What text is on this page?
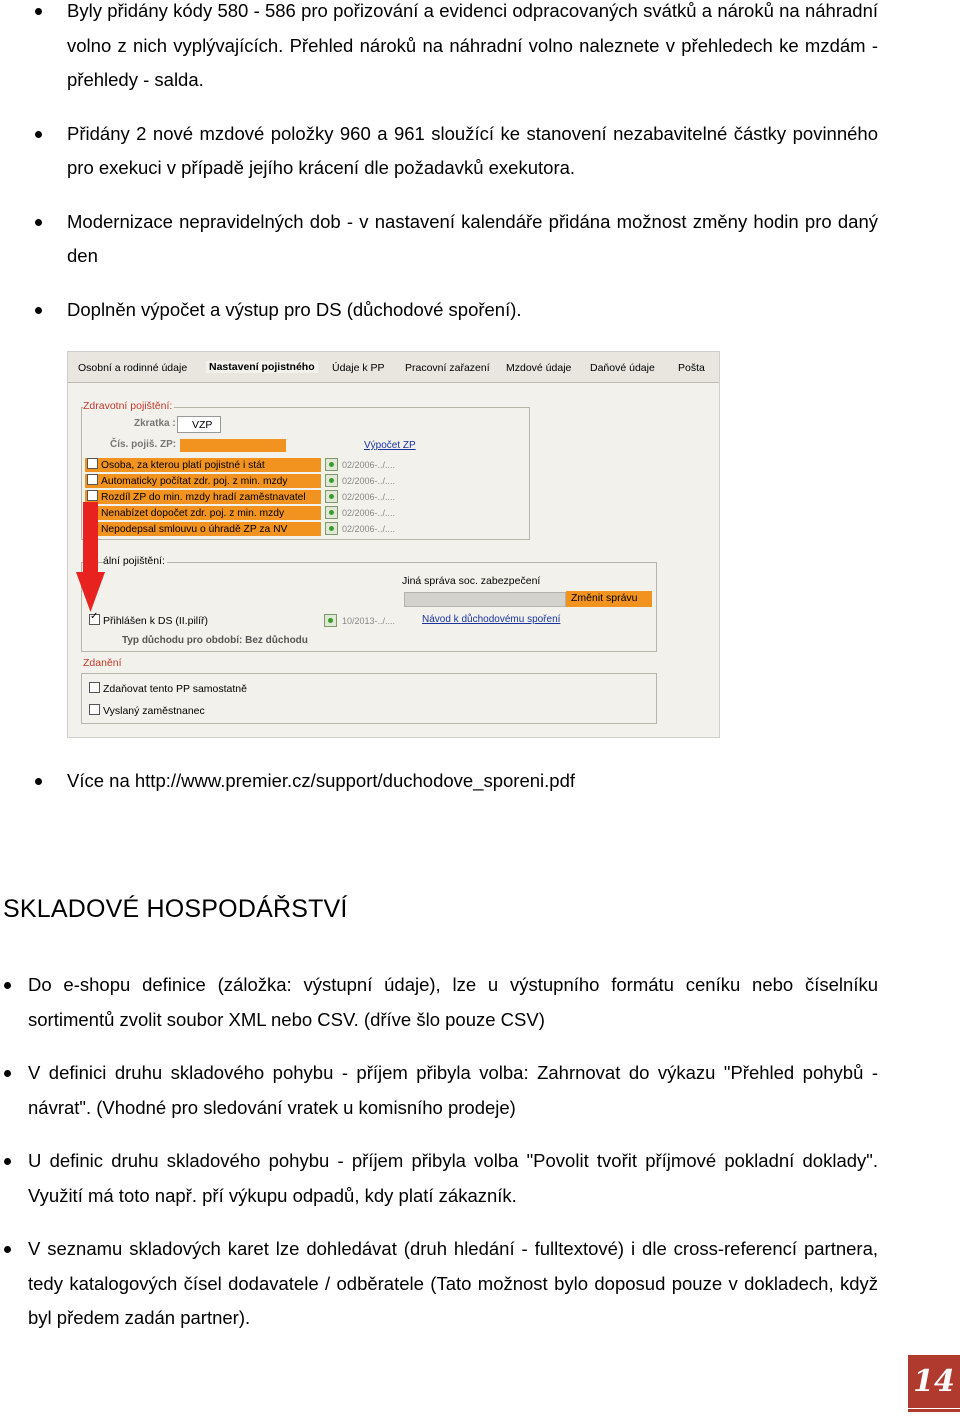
Byly přidány kódy 580 - 586 pro pořizování a evidenci odpracovaných svátků a nároků na náhradní volno z nich vyplývajících. Přehled nároků na náhradní volno naleznete v přehledech ke mzdám - přehledy - salda.
Přidány 2 nové mzdové položky 960 a 961 sloužící ke stanovení nezabavitelné částky povinného pro exekuci v případě jejího krácení dle požadavků exekutora.
Modernizace nepravidelných dob - v nastavení kalendáře přidána možnost změny hodin pro daný den
Doplněn výpočet a výstup pro DS (důchodové spoření).
Osobní a rodinné údaje Nastavení pojistného Údaje k PP Pracovní zařazení Mzdové údaje Daňové údaje Pošta
Zdravotní pojištění:
Zkratka :	VZP
Čís. pojiš. ZP:	Výpočet ZP
Osoba, za kterou platí pojistné i stát	02/2006-../....
Automaticky počítat zdr. poj. z min. mzdy	02/2006-../....
Rozdíl ZP do min. mzdy hradí zaměstnavatel	02/2006-../....
Nenabízet dopočet zdr. poj. z min. mzdy	02/2006-../....
Nepodepsal smlouvu o úhradě ZP za NV	02/2006-../....
ální pojištění:
Jiná správa soc. zabezpečení
Změnit správu
✓Přihlášen k DS (II.pilíř)	10/2013-../....	Návod k důchodovému spoření
Typ důchodu pro období: Bez důchodu
Zdanění
Zdaňovat tento PP samostatně
Vyslaný zaměstnanec
Více na http://www.premier.cz/support/duchodove_sporeni.pdf
SKLADOVÉ HOSPODÁŘSTVÍ
Do e-shopu definice (záložka: výstupní údaje), lze u výstupního formátu ceníku nebo číselníku sortimentů zvolit soubor XML nebo CSV. (dříve šlo pouze CSV)
V definici druhu skladového pohybu - příjem přibyla volba: Zahrnovat do výkazu "Přehled pohybů - návrat". (Vhodné pro sledování vratek u komisního prodeje)
U definic druhu skladového pohybu - příjem přibyla volba "Povolit tvořit příjmové pokladní doklady". Využití má toto např. pří výkupu odpadů, kdy platí zákazník.
V seznamu skladových karet lze dohledávat (druh hledání - fulltextové) i dle cross-referencí partnera, tedy katalogových čísel dodavatele / odběratele (Tato možnost bylo doposud pouze v dokladech, když byl předem zadán partner).
14
